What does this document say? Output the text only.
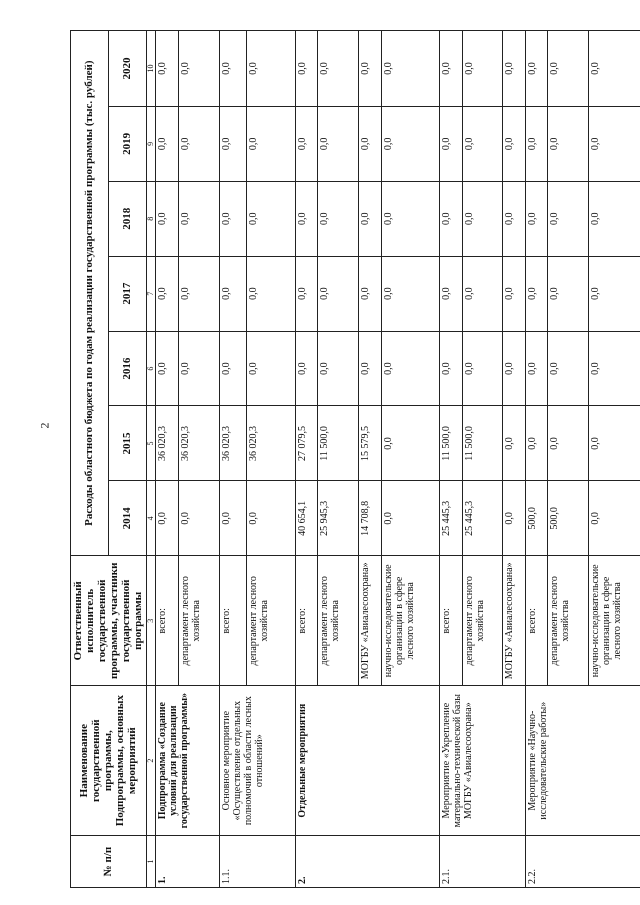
2
№ п/п	Наименование государственной программы, Подпрограммы, основных мероприятий	Ответственный исполнитель государственной программы, участники государственной программы	Расходы областного бюджета по годам реализации государственной программы (тыс. рублей)						
			2014	2015	2016	2017	2018	2019	2020
1	2	3	4	5	6	7	8	9	10
1.	Подпрограмма «Создание условий для реализации государственной программы»	всего:	0,0	36 020,3	0,0	0,0	0,0	0,0	0,0
		департамент лесного хозяйства	0,0	36 020,3	0,0	0,0	0,0	0,0	0,0
1.1.	Основное мероприятие «Осуществление отдельных полномочий в области лесных отношений»	всего:	0,0	36 020,3	0,0	0,0	0,0	0,0	0,0
		департамент лесного хозяйства	0,0	36 020,3	0,0	0,0	0,0	0,0	0,0
2.	Отдельные мероприятия	всего:	40 654,1	27 079,5	0,0	0,0	0,0	0,0	0,0
		департамент лесного хозяйства	25 945,3	11 500,0	0,0	0,0	0,0	0,0	0,0
		МОГБУ «Авиалесоохрана»	14 708,8	15 579,5	0,0	0,0	0,0	0,0	0,0
		научно-исследовательские организации в сфере лесного хозяйства	0,0	0,0	0,0	0,0	0,0	0,0	0,0
2.1.	Мероприятие «Укрепление материально-технической базы МОГБУ «Авиалесоохрана»	всего:	25 445,3	11 500,0	0,0	0,0	0,0	0,0	0,0
		департамент лесного хозяйства	25 445,3	11 500,0	0,0	0,0	0,0	0,0	0,0
		МОГБУ «Авиалесоохрана»	0,0	0,0	0,0	0,0	0,0	0,0	0,0
2.2.	Мероприятие «Научно-исследовательские работы»	всего:	500,0	0,0	0,0	0,0	0,0	0,0	0,0
		департамент лесного хозяйства	500,0	0,0	0,0	0,0	0,0	0,0	0,0
		научно-исследовательские организации в сфере лесного хозяйства	0,0	0,0	0,0	0,0	0,0	0,0	0,0
